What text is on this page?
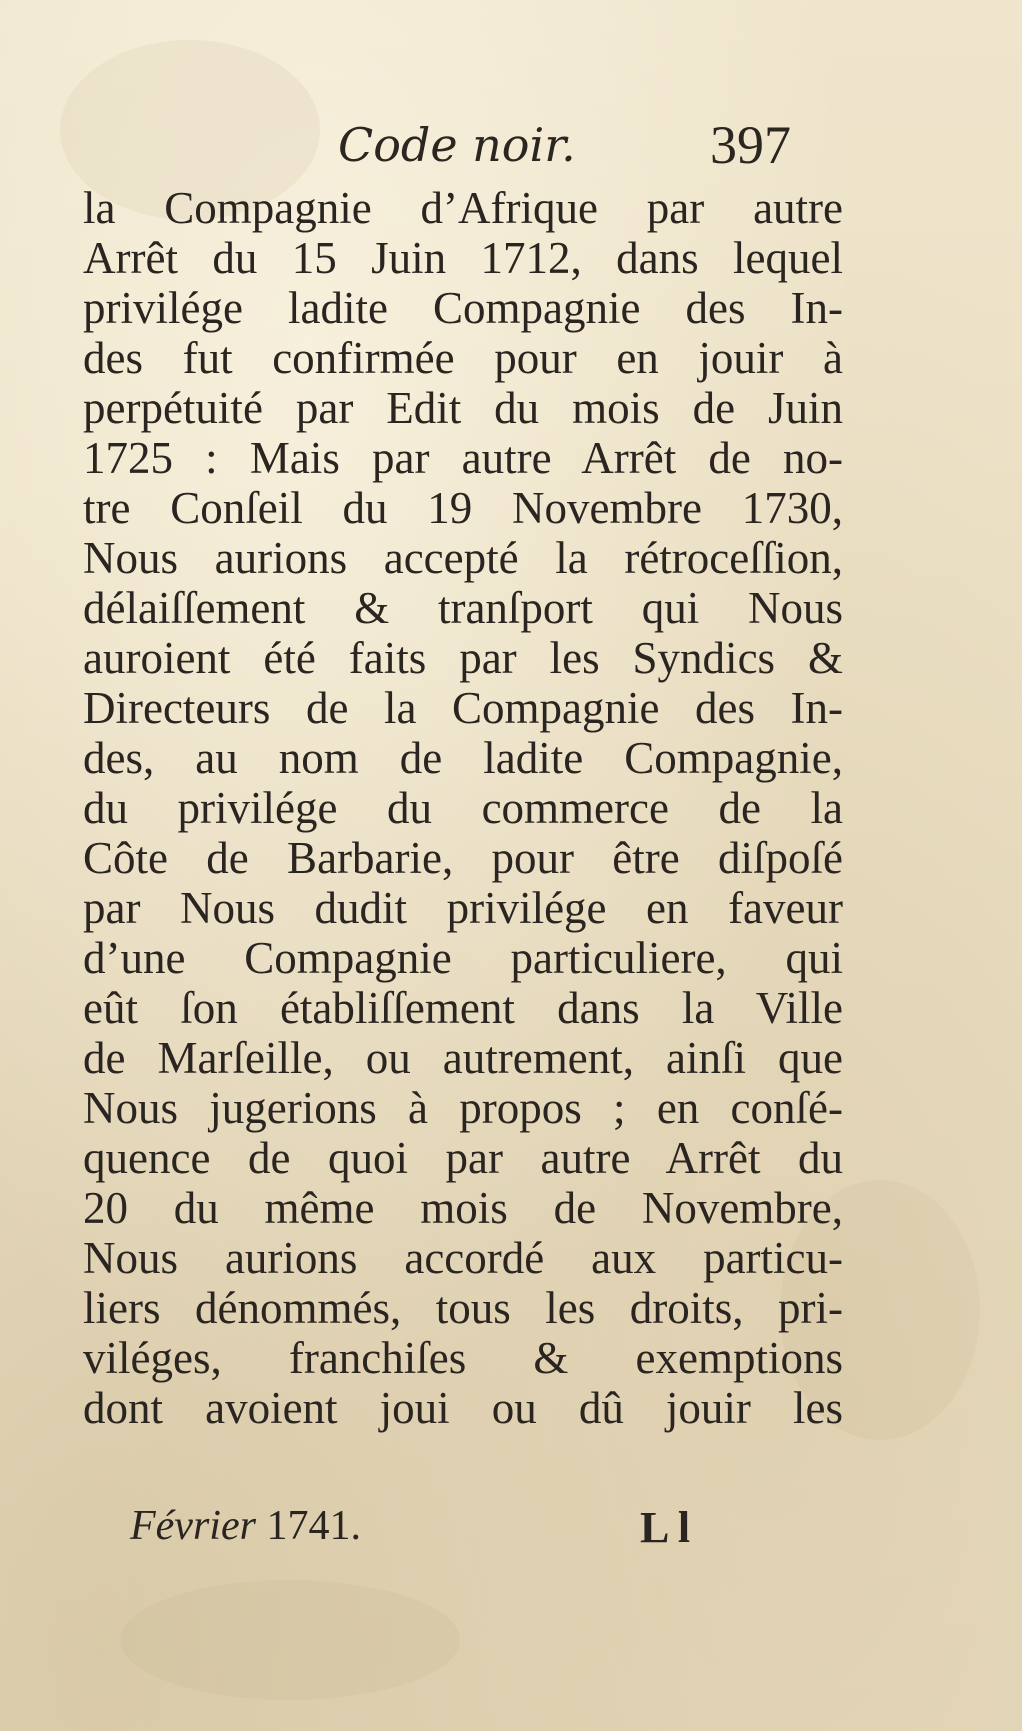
Code noir. 397
la Compagnie d’Afrique par autre
Arrêt du 15 Juin 1712, dans lequel
privilége ladite Compagnie des In-
des fut confirmée pour en jouir à
perpétuité par Edit du mois de Juin
1725 : Mais par autre Arrêt de no-
tre Conſeil du 19 Novembre 1730,
Nous aurions accepté la rétroceſſion,
délaiſſement & tranſport qui Nous
auroient été faits par les Syndics &
Directeurs de la Compagnie des In-
des, au nom de ladite Compagnie,
du privilége du commerce de la
Côte de Barbarie, pour être diſpoſé
par Nous dudit privilége en faveur
d’une Compagnie particuliere, qui
eût ſon établiſſement dans la Ville
de Marſeille, ou autrement, ainſi que
Nous jugerions à propos ; en conſé-
quence de quoi par autre Arrêt du
20 du même mois de Novembre,
Nous aurions accordé aux particu-
liers dénommés, tous les droits, pri-
viléges, franchiſes & exemptions
dont avoient joui ou dû jouir les
Février 1741.	L l
